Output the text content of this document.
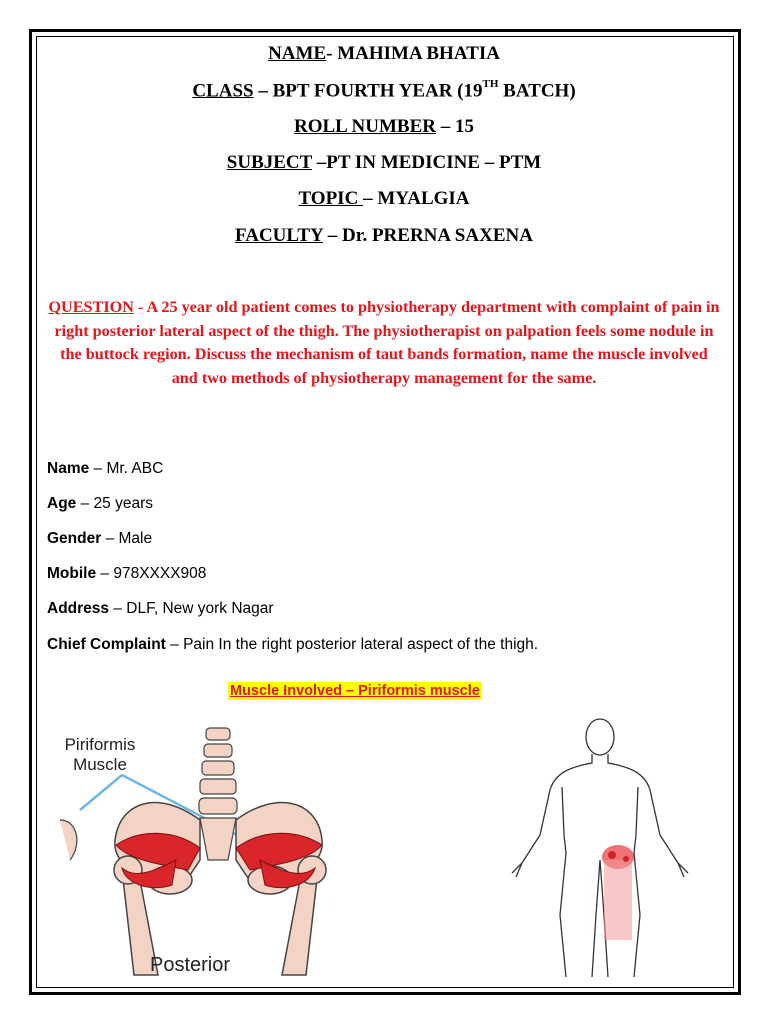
NAME- MAHIMA BHATIA
CLASS – BPT FOURTH YEAR (19TH BATCH)
ROLL NUMBER – 15
SUBJECT –PT IN MEDICINE – PTM
TOPIC – MYALGIA
FACULTY – Dr. PRERNA SAXENA
QUESTION - A 25 year old patient comes to physiotherapy department with complaint of pain in right posterior lateral aspect of the thigh. The physiotherapist on palpation feels some nodule in the buttock region. Discuss the mechanism of taut bands formation, name the muscle involved and two methods of physiotherapy management for the same.
Name – Mr. ABC
Age – 25 years
Gender – Male
Mobile – 978XXXX908
Address – DLF, New york Nagar
Chief Complaint – Pain In the right posterior lateral aspect of the thigh.
Muscle Involved – Piriformis muscle
Piriformis
Muscle
Posterior
